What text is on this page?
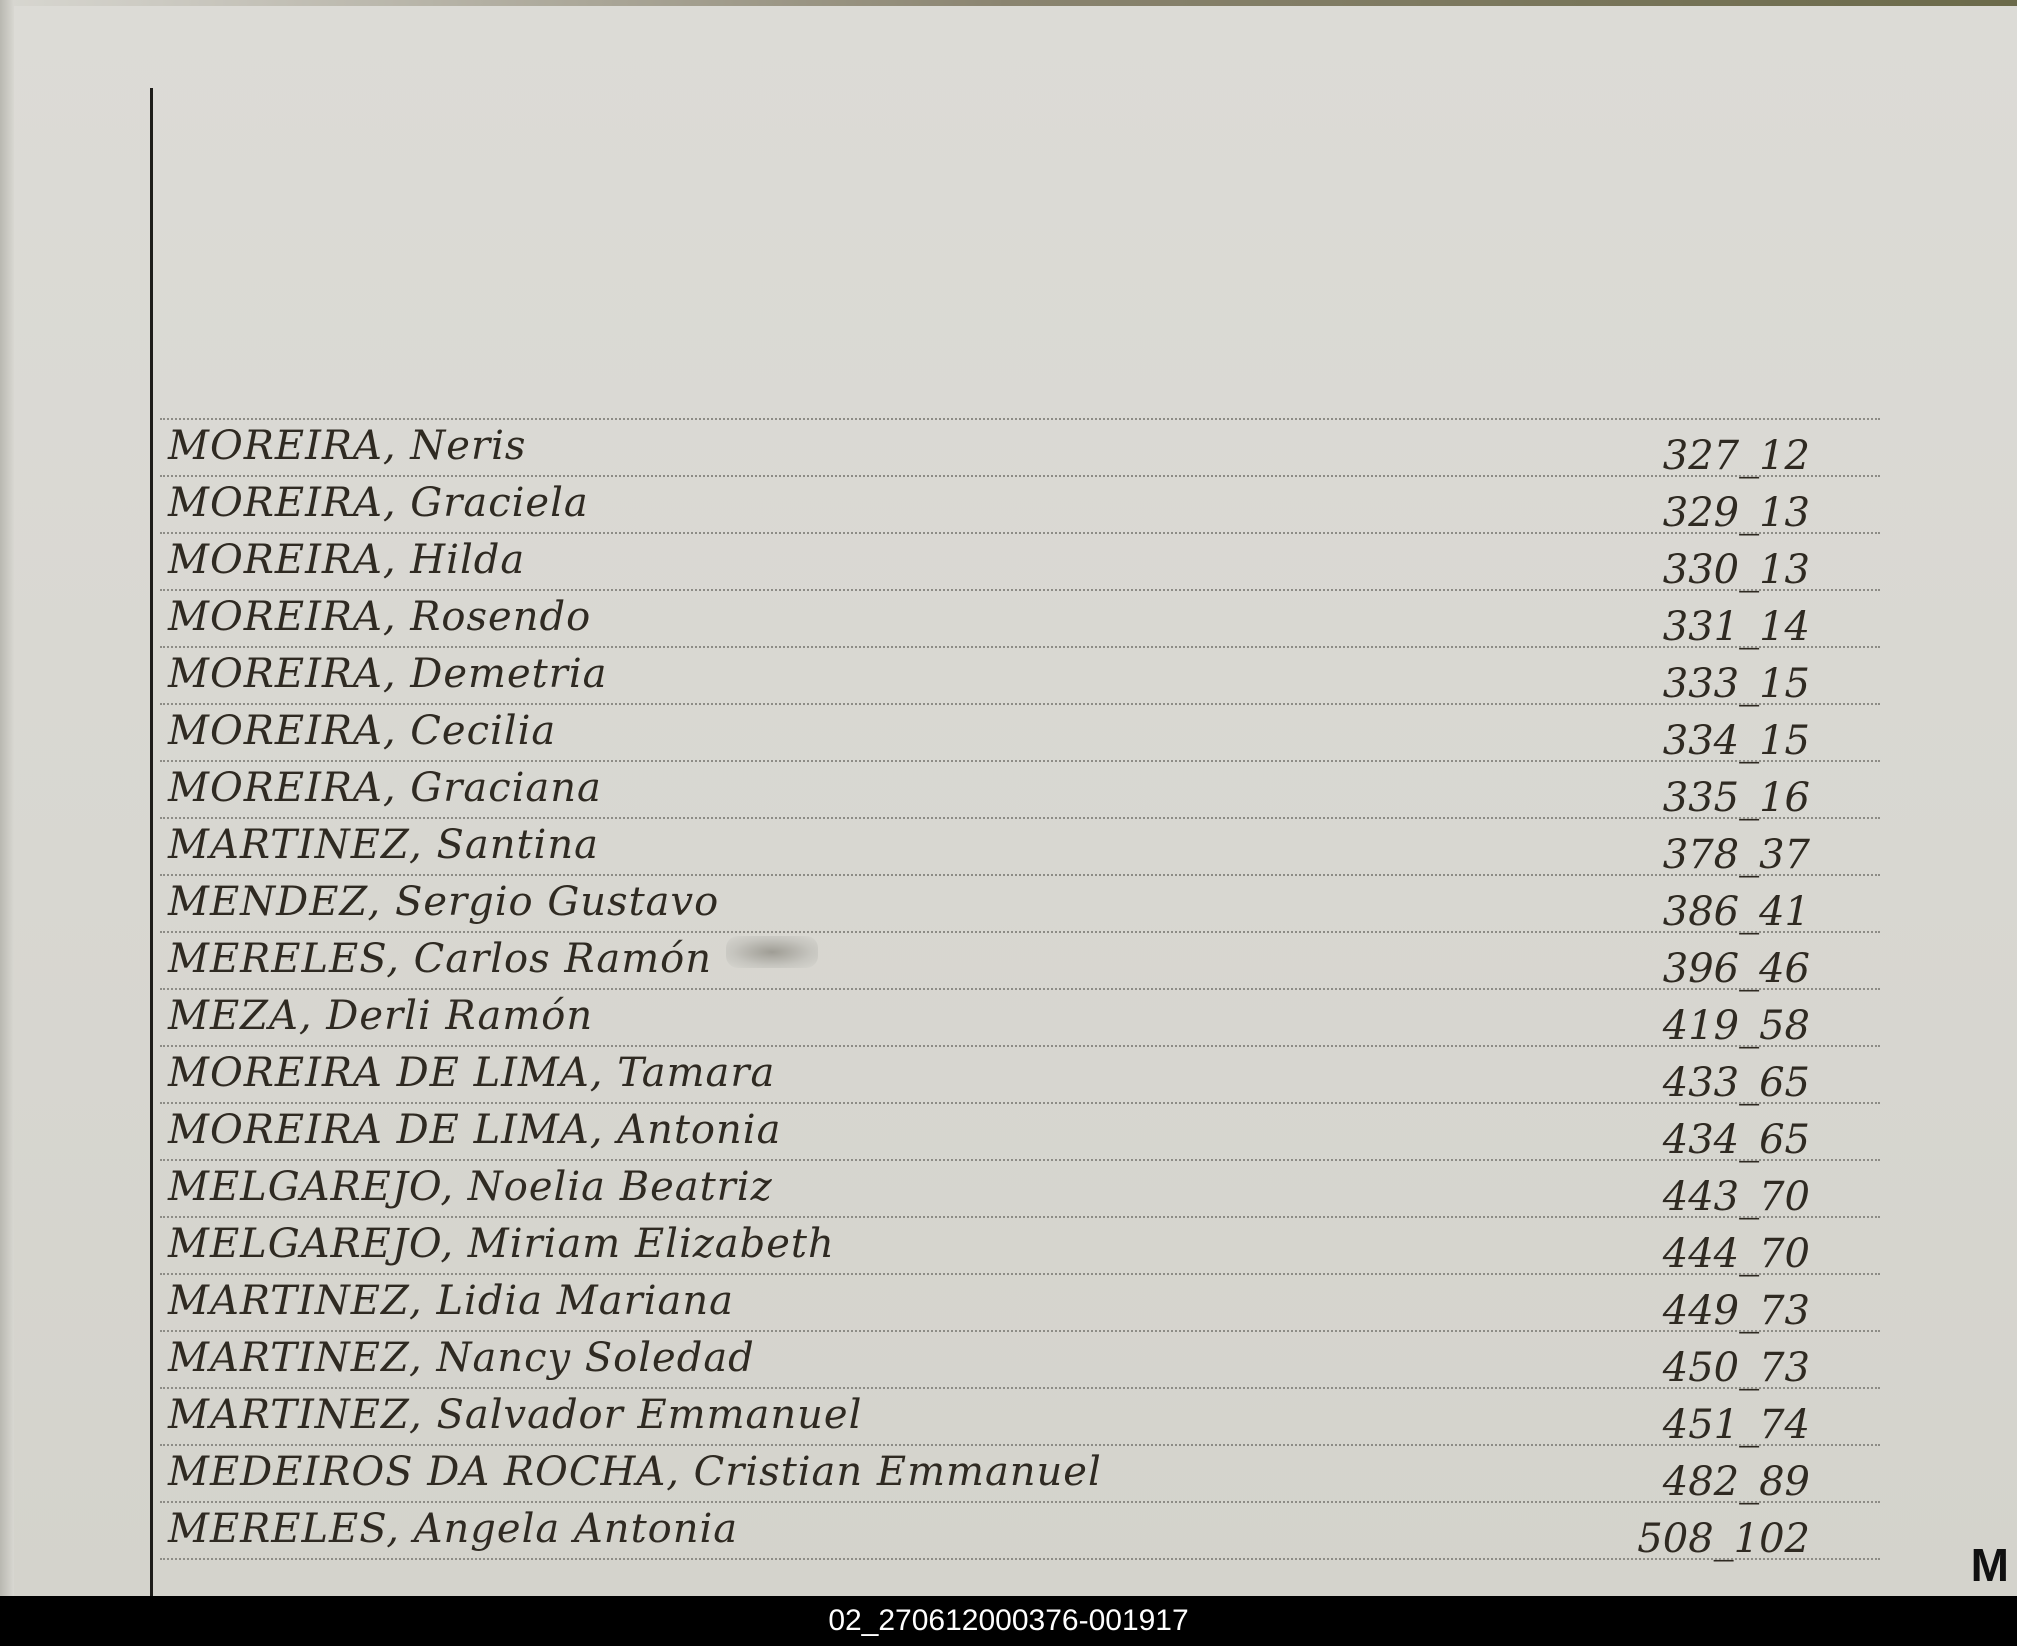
MOREIRA, Neris	327_12
MOREIRA, Graciela	329_13
MOREIRA, Hilda	330_13
MOREIRA, Rosendo	331_14
MOREIRA, Demetria	333_15
MOREIRA, Cecilia	334_15
MOREIRA, Graciana	335_16
MARTINEZ, Santina	378_37
MENDEZ, Sergio Gustavo	386_41
MERELES, Carlos Ramón	396_46
MEZA, Derli Ramón	419_58
MOREIRA DE LIMA, Tamara	433_65
MOREIRA DE LIMA, Antonia	434_65
MELGAREJO, Noelia Beatriz	443_70
MELGAREJO, Miriam Elizabeth	444_70
MARTINEZ, Lidia Mariana	449_73
MARTINEZ, Nancy Soledad	450_73
MARTINEZ, Salvador Emmanuel	451_74
MEDEIROS DA ROCHA, Cristian Emmanuel	482_89
MERELES, Angela Antonia	508_102	M
02_270612000376-001917
